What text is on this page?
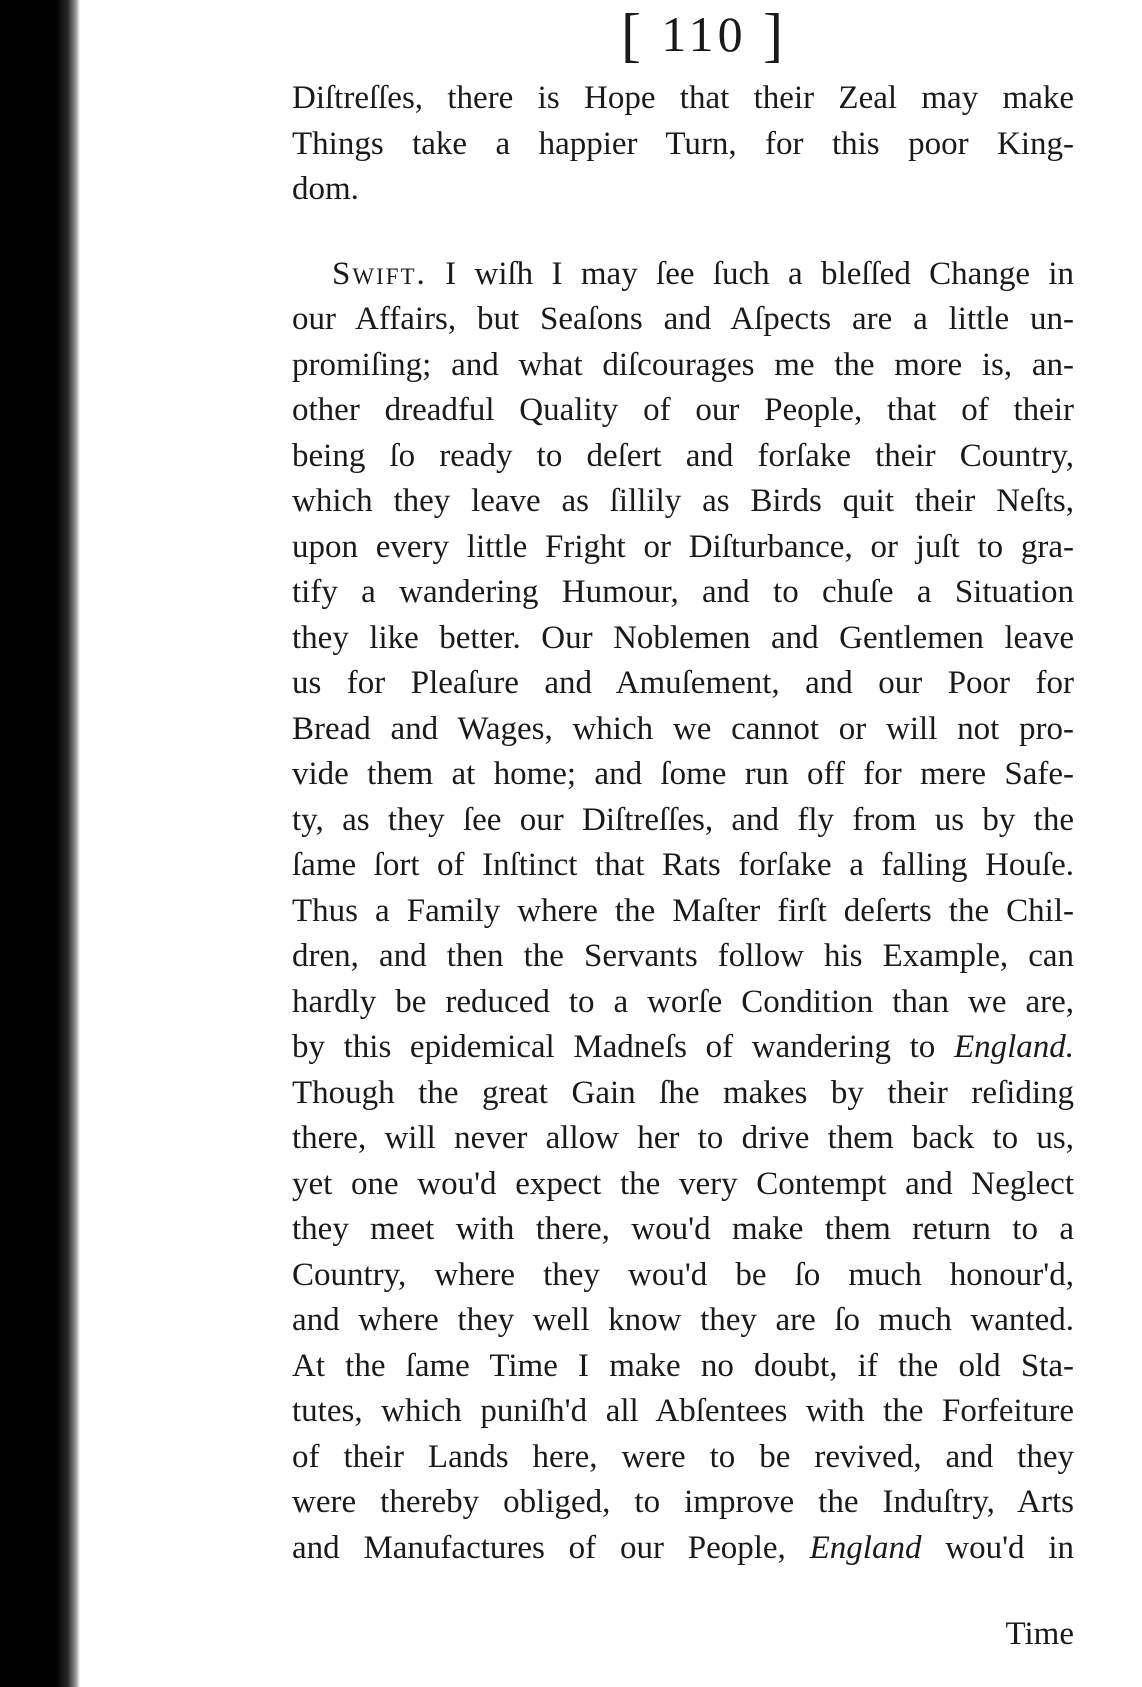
[ 110 ]
Diſtreſſes, there is Hope that their Zeal may make
Things take a happier Turn, for this poor King-
dom.
Swift. I wiſh I may ſee ſuch a bleſſed Change in
our Affairs, but Seaſons and Aſpects are a little un-
promiſing; and what diſcourages me the more is, an-
other dreadful Quality of our People, that of their
being ſo ready to deſert and forſake their Country,
which they leave as ſillily as Birds quit their Neſts,
upon every little Fright or Diſturbance, or juſt to gra-
tify a wandering Humour, and to chuſe a Situation
they like better. Our Noblemen and Gentlemen leave
us for Pleaſure and Amuſement, and our Poor for
Bread and Wages, which we cannot or will not pro-
vide them at home; and ſome run off for mere Safe-
ty, as they ſee our Diſtreſſes, and fly from us by the
ſame ſort of Inſtinct that Rats forſake a falling Houſe.
Thus a Family where the Maſter firſt deſerts the Chil-
dren, and then the Servants follow his Example, can
hardly be reduced to a worſe Condition than we are,
by this epidemical Madneſs of wandering to England.
Though the great Gain ſhe makes by their reſiding
there, will never allow her to drive them back to us,
yet one wou'd expect the very Contempt and Neglect
they meet with there, wou'd make them return to a
Country, where they wou'd be ſo much honour'd,
and where they well know they are ſo much wanted.
At the ſame Time I make no doubt, if the old Sta-
tutes, which puniſh'd all Abſentees with the Forfeiture
of their Lands here, were to be revived, and they
were thereby obliged, to improve the Induſtry, Arts
and Manufactures of our People, England wou'd in
Time
